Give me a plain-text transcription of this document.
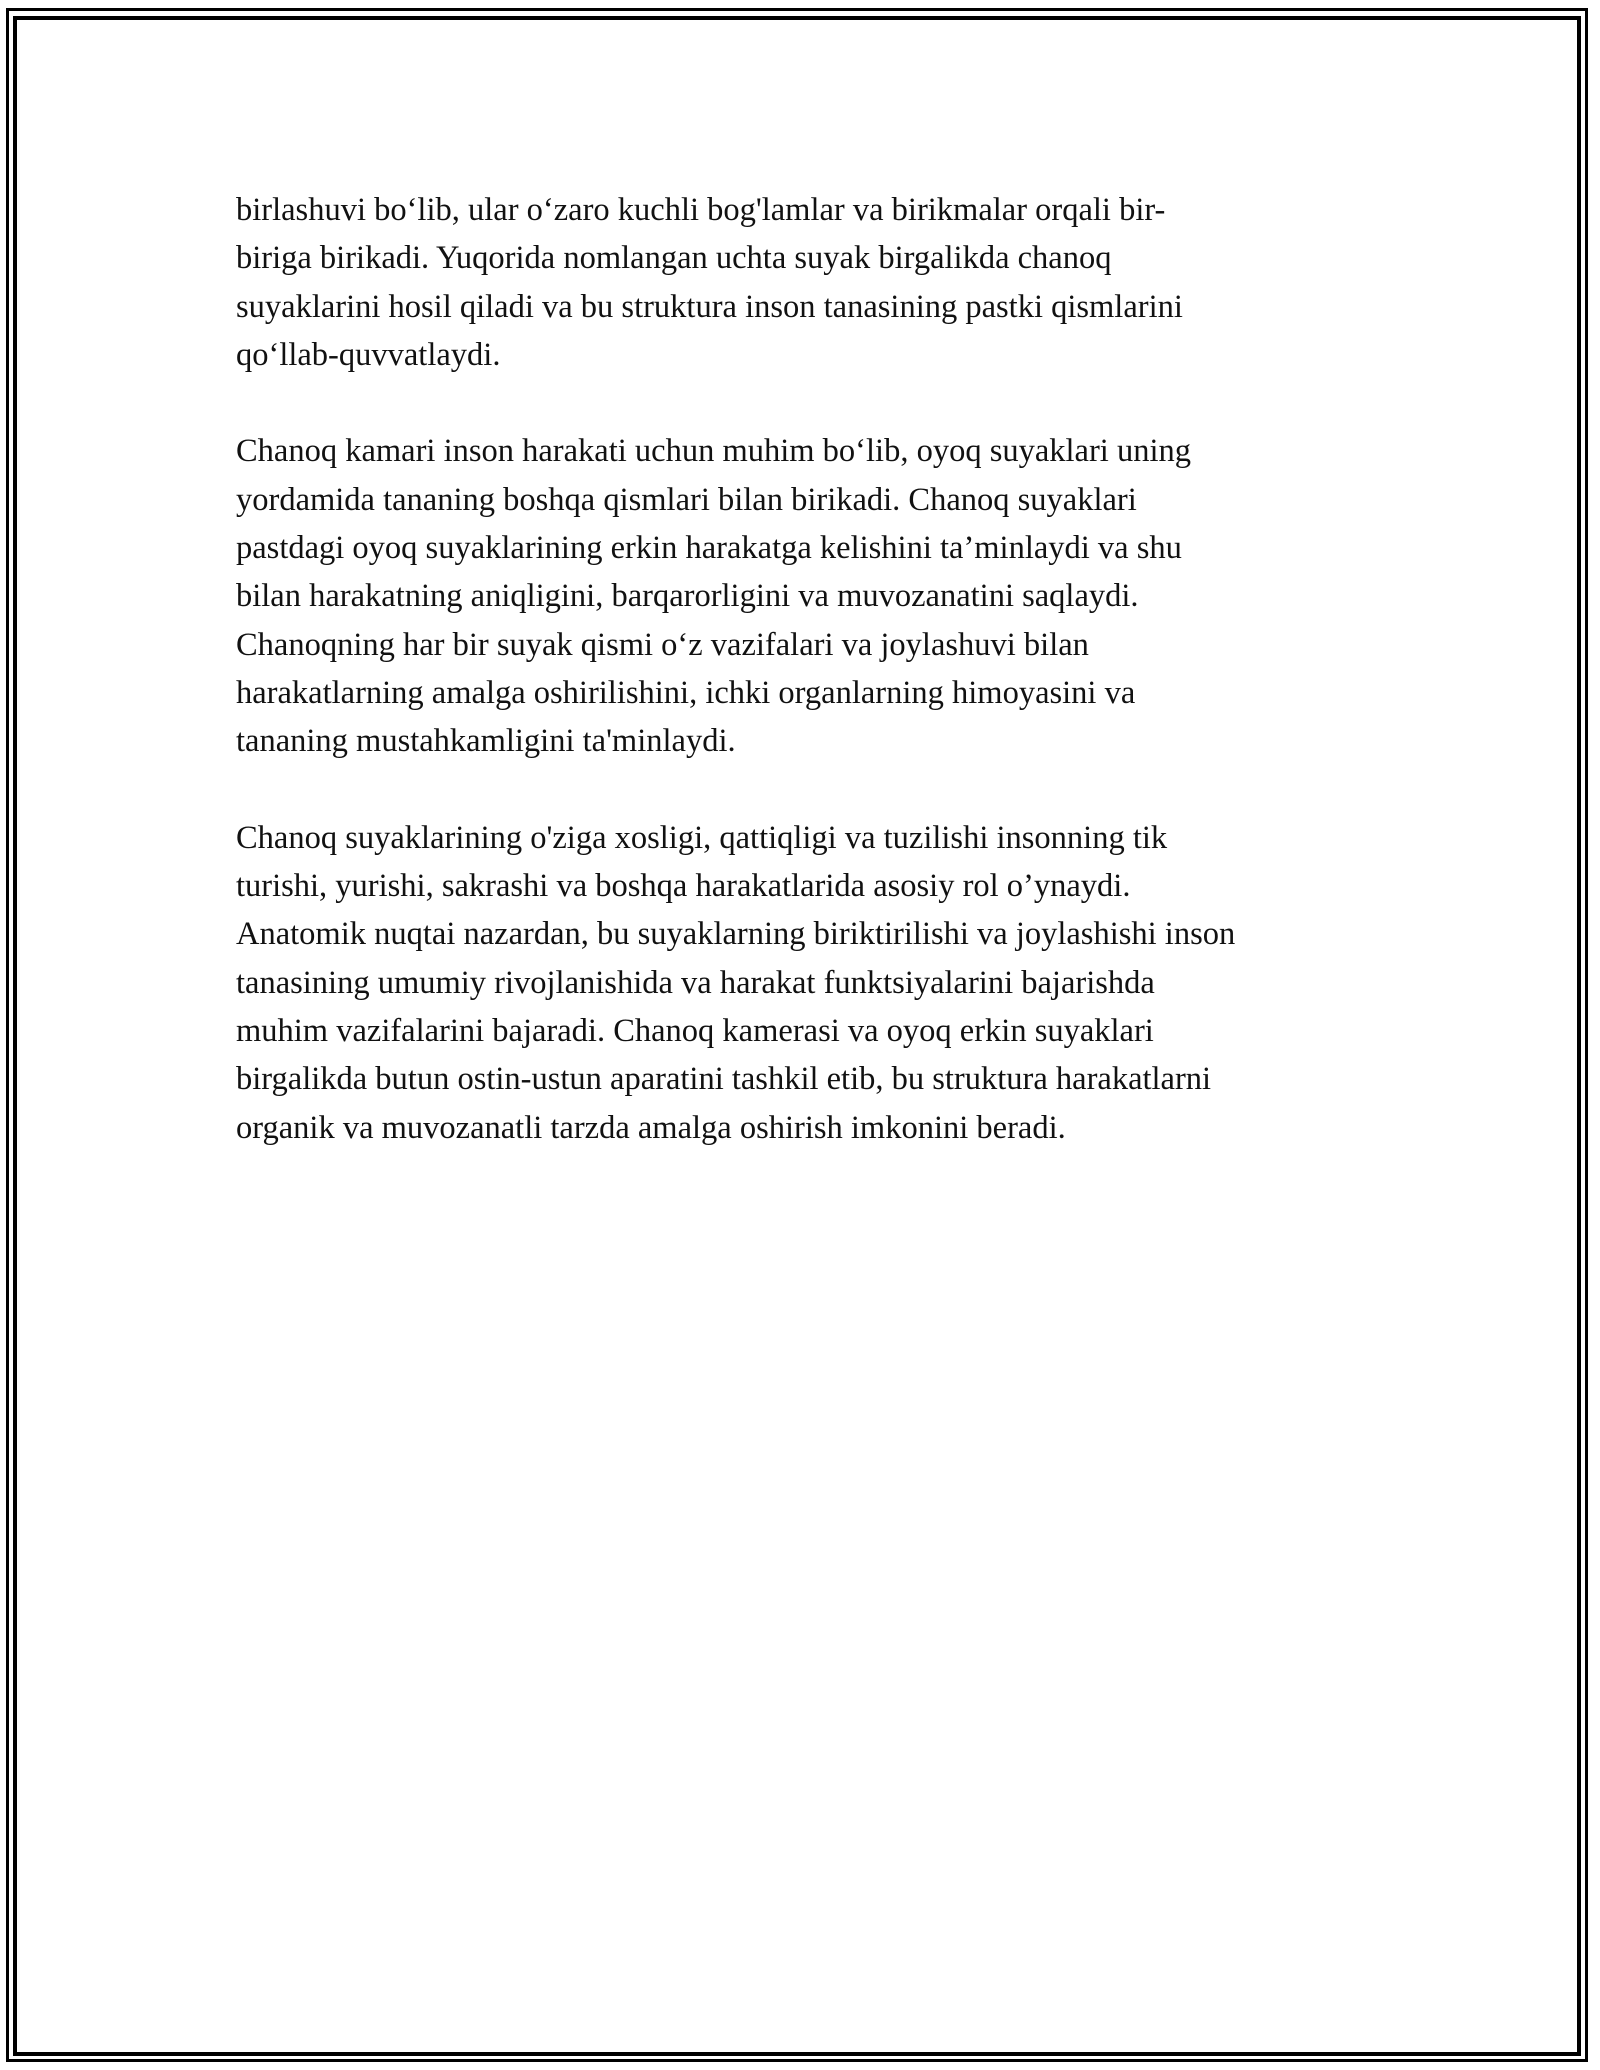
birlashuvi bo‘lib, ular o‘zaro kuchli bog'lamlar va birikmalar orqali bir-
biriga birikadi. Yuqorida nomlangan uchta suyak birgalikda chanoq
suyaklarini hosil qiladi va bu struktura inson tanasining pastki qismlarini
qo‘llab-quvvatlaydi.

Chanoq kamari inson harakati uchun muhim bo‘lib, oyoq suyaklari uning
yordamida tananing boshqa qismlari bilan birikadi. Chanoq suyaklari
pastdagi oyoq suyaklarining erkin harakatga kelishini ta’minlaydi va shu
bilan harakatning aniqligini, barqarorligini va muvozanatini saqlaydi.
Chanoqning har bir suyak qismi o‘z vazifalari va joylashuvi bilan
harakatlarning amalga oshirilishini, ichki organlarning himoyasini va
tananing mustahkamligini ta'minlaydi.

Chanoq suyaklarining o'ziga xosligi, qattiqligi va tuzilishi insonning tik
turishi, yurishi, sakrashi va boshqa harakatlarida asosiy rol o’ynaydi.
Anatomik nuqtai nazardan, bu suyaklarning biriktirilishi va joylashishi inson
tanasining umumiy rivojlanishida va harakat funktsiyalarini bajarishda
muhim vazifalarini bajaradi. Chanoq kamerasi va oyoq erkin suyaklari
birgalikda butun ostin-ustun aparatini tashkil etib, bu struktura harakatlarni
organik va muvozanatli tarzda amalga oshirish imkonini beradi.
